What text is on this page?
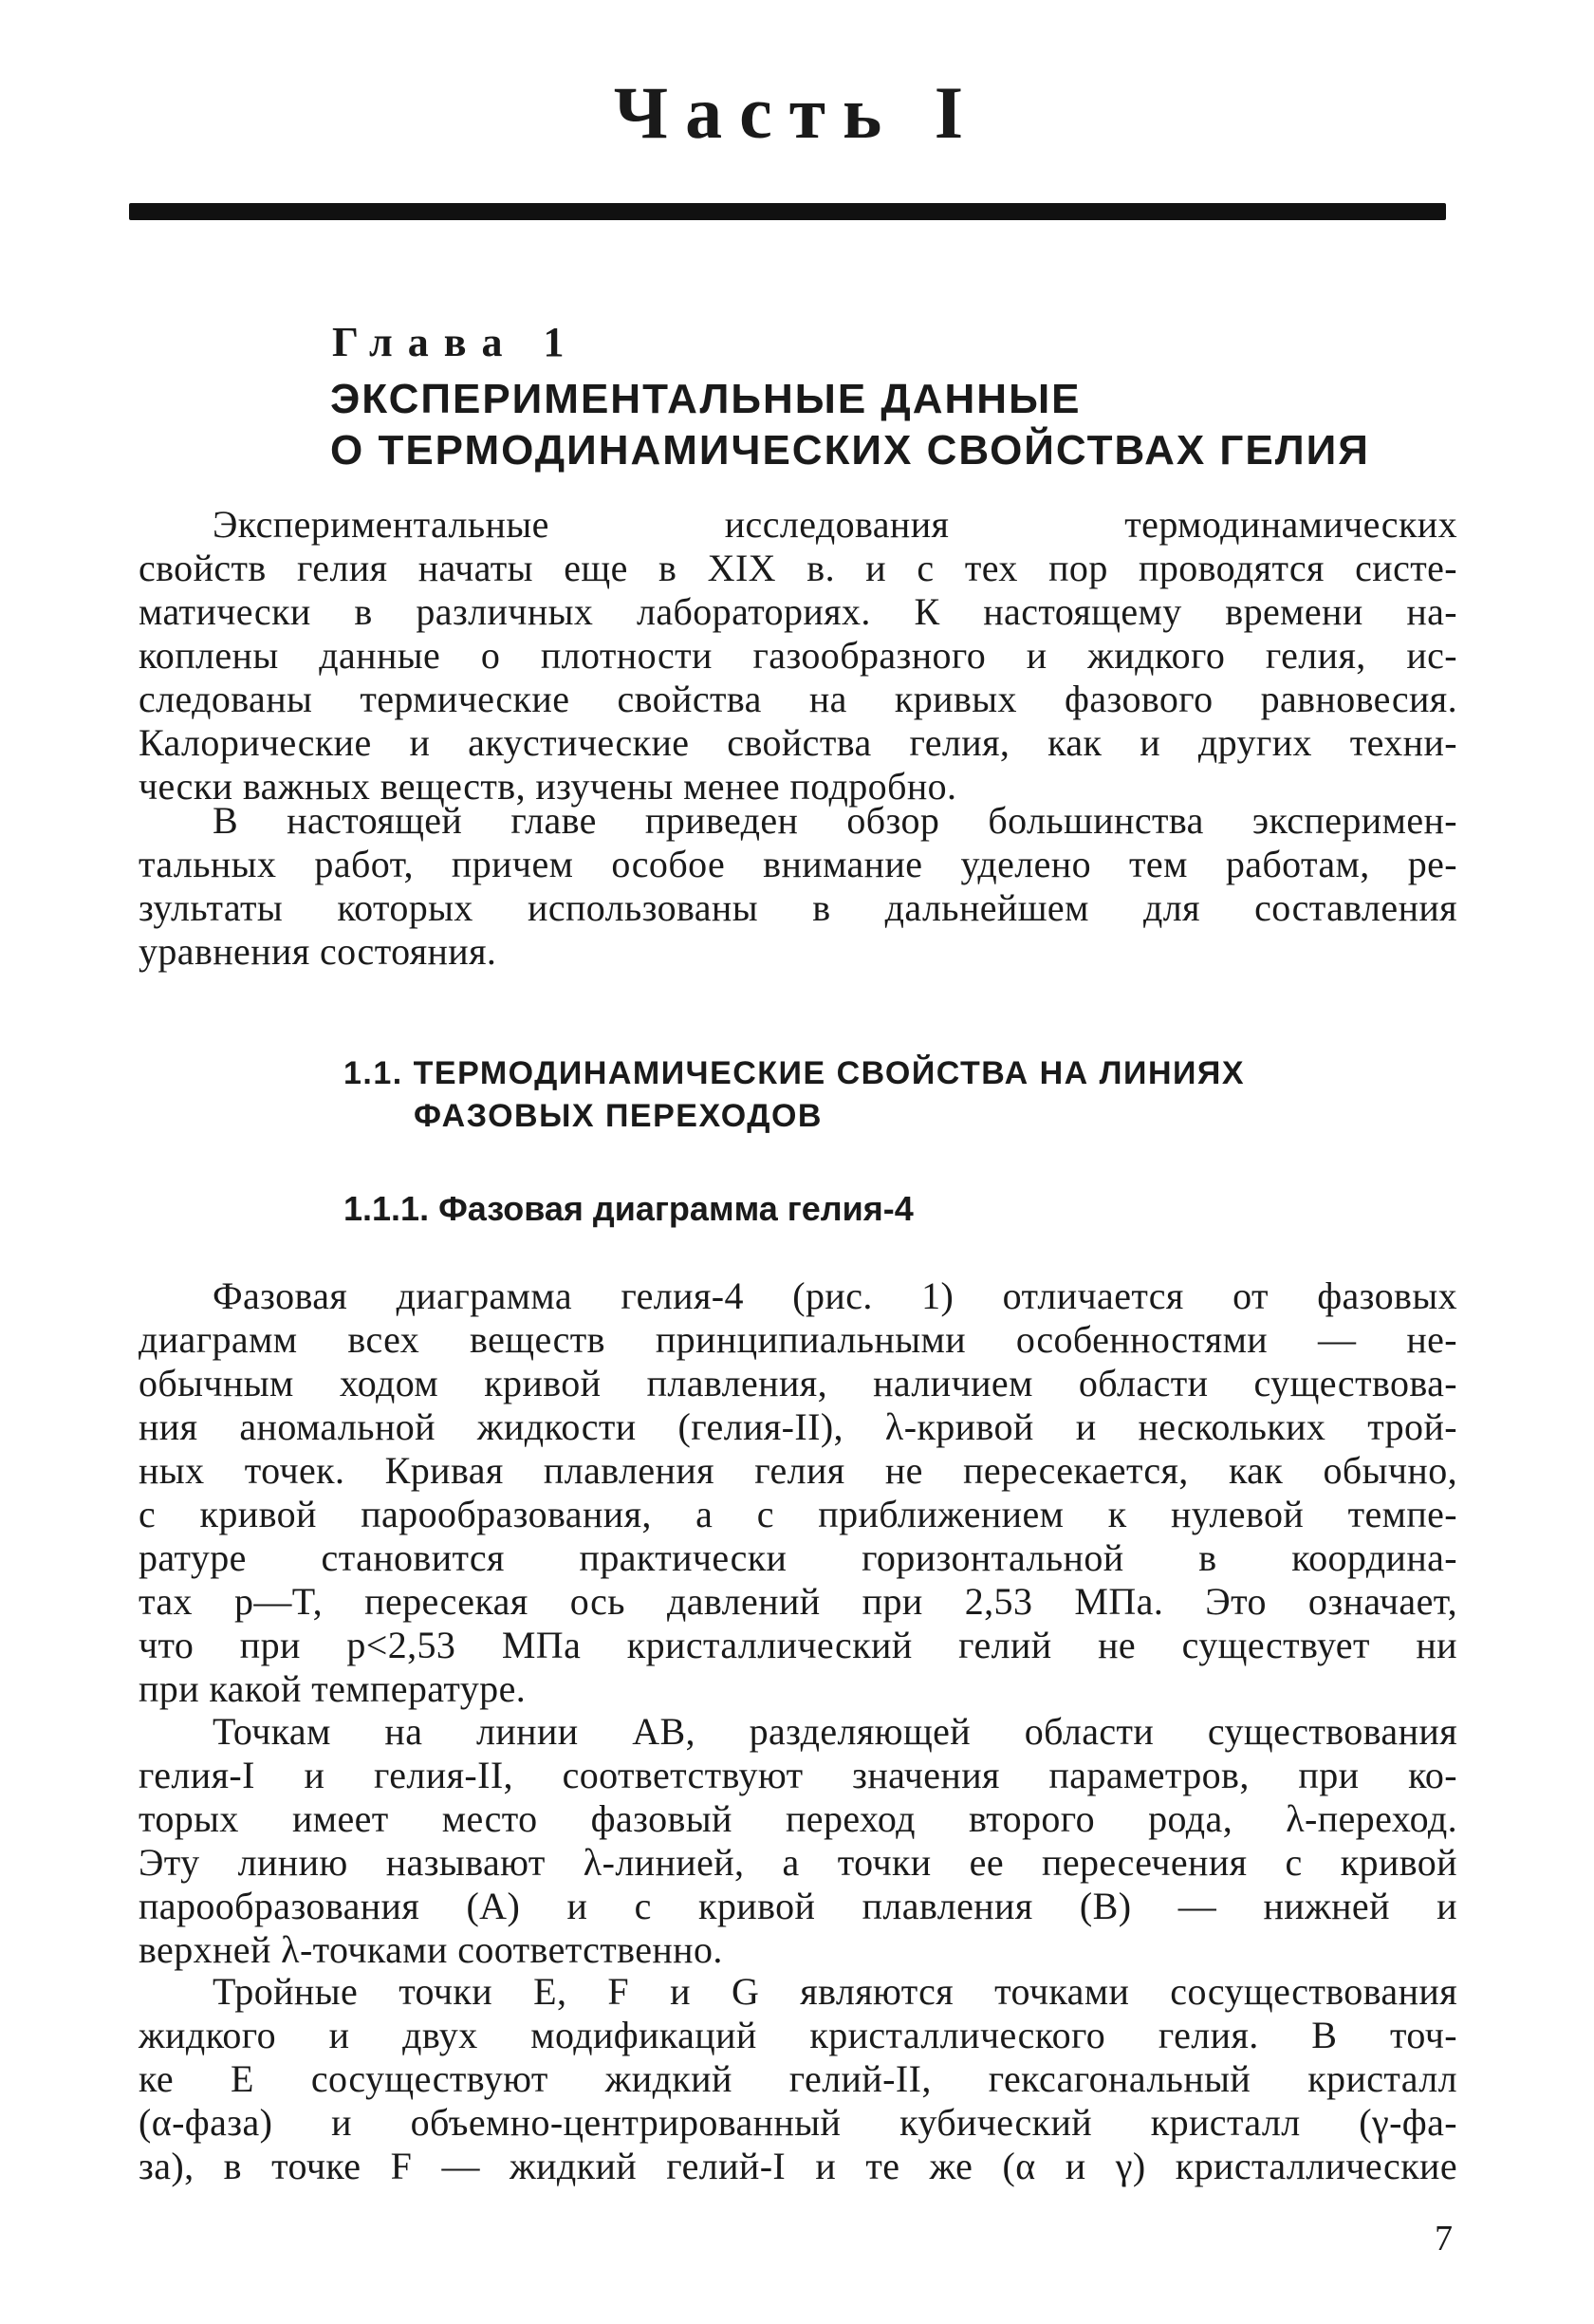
Часть I
Глава 1
ЭКСПЕРИМЕНТАЛЬНЫЕ ДАННЫЕ
О ТЕРМОДИНАМИЧЕСКИХ СВОЙСТВАХ ГЕЛИЯ
Экспериментальные исследования термодинамических
свойств гелия начаты еще в XIX в. и с тех пор проводятся систе-
матически в различных лабораториях. К настоящему времени на-
коплены данные о плотности газообразного и жидкого гелия, ис-
следованы термические свойства на кривых фазового равновесия.
Калорические и акустические свойства гелия, как и других техни-
чески важных веществ, изучены менее подробно.
В настоящей главе приведен обзор большинства эксперимен-
тальных работ, причем особое внимание уделено тем работам, ре-
зультаты которых использованы в дальнейшем для составления
уравнения состояния.
1.1. ТЕРМОДИНАМИЧЕСКИЕ СВОЙСТВА НА ЛИНИЯХ
ФАЗОВЫХ ПЕРЕХОДОВ
1.1.1. Фазовая диаграмма гелия-4
Фазовая диаграмма гелия-4 (рис. 1) отличается от фазовых
диаграмм всех веществ принципиальными особенностями — не-
обычным ходом кривой плавления, наличием области существова-
ния аномальной жидкости (гелия-II), λ-кривой и нескольких трой-
ных точек. Кривая плавления гелия не пересекается, как обычно,
с кривой парообразования, а с приближением к нулевой темпе-
ратуре становится практически горизонтальной в координа-
тах p—T, пересекая ось давлений при 2,53 МПа. Это означает,
что при p<2,53 МПа кристаллический гелий не существует ни
при какой температуре.
Точкам на линии AB, разделяющей области существования
гелия-I и гелия-II, соответствуют значения параметров, при ко-
торых имеет место фазовый переход второго рода, λ-переход.
Эту линию называют λ-линией, а точки ее пересечения с кривой
парообразования (A) и с кривой плавления (B) — нижней и
верхней λ-точками соответственно.
Тройные точки E, F и G являются точками сосуществования
жидкого и двух модификаций кристаллического гелия. В точ-
ке E сосуществуют жидкий гелий-II, гексагональный кристалл
(α-фаза) и объемно-центрированный кубический кристалл (γ-фа-
за), в точке F — жидкий гелий-I и те же (α и γ) кристаллические
7
